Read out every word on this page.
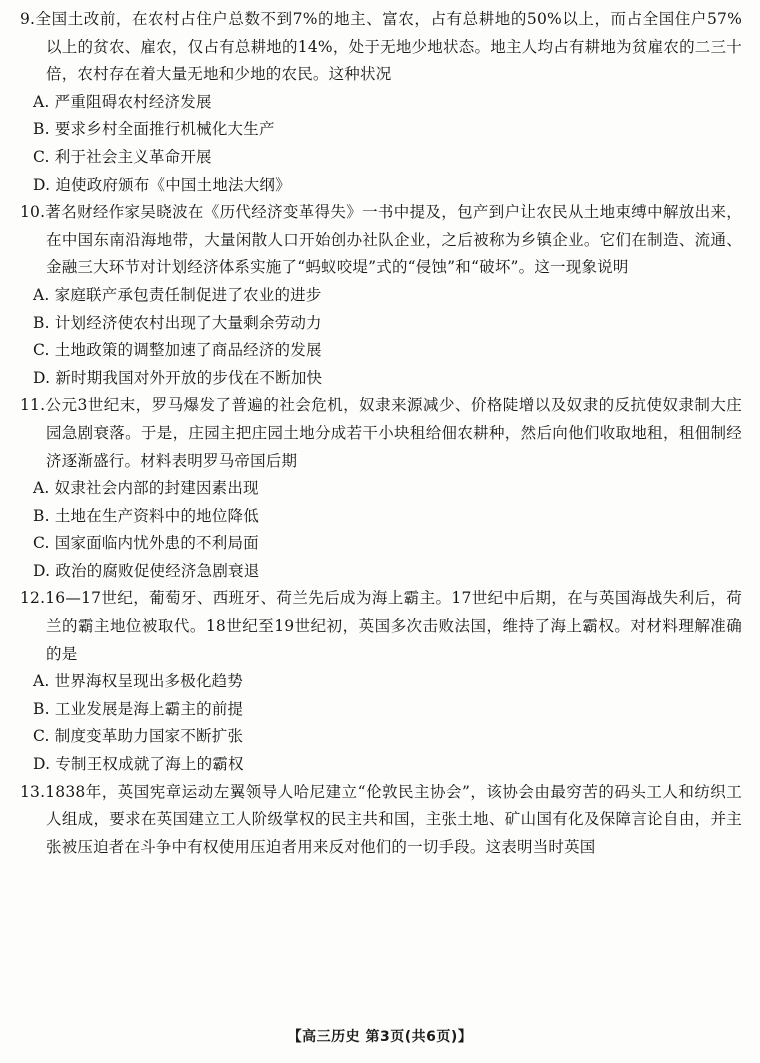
9.全国土改前，在农村占住户总数不到7%的地主、富农，占有总耕地的50%以上，而占全国住户57%以上的贫农、雇农，仅占有总耕地的14%，处于无地少地状态。地主人均占有耕地为贫雇农的二三十倍，农村存在着大量无地和少地的农民。这种状况

A. 严重阻碍农村经济发展
B. 要求乡村全面推行机械化大生产
C. 利于社会主义革命开展
D. 迫使政府颁布《中国土地法大纲》

10.著名财经作家吴晓波在《历代经济变革得失》一书中提及，包产到户让农民从土地束缚中解放出来，在中国东南沿海地带，大量闲散人口开始创办社队企业，之后被称为乡镇企业。它们在制造、流通、金融三大环节对计划经济体系实施了“蚂蚁咬堤”式的“侵蚀”和“破坏”。这一现象说明

A. 家庭联产承包责任制促进了农业的进步
B. 计划经济使农村出现了大量剩余劳动力
C. 土地政策的调整加速了商品经济的发展
D. 新时期我国对外开放的步伐在不断加快

11.公元3世纪末，罗马爆发了普遍的社会危机，奴隶来源减少、价格陡增以及奴隶的反抗使奴隶制大庄园急剧衰落。于是，庄园主把庄园土地分成若干小块租给佃农耕种，然后向他们收取地租，租佃制经济逐渐盛行。材料表明罗马帝国后期

A. 奴隶社会内部的封建因素出现
B. 土地在生产资料中的地位降低
C. 国家面临内忧外患的不利局面
D. 政治的腐败促使经济急剧衰退

12.16—17世纪，葡萄牙、西班牙、荷兰先后成为海上霸主。17世纪中后期，在与英国海战失利后，荷兰的霸主地位被取代。18世纪至19世纪初，英国多次击败法国，维持了海上霸权。对材料理解准确的是

A. 世界海权呈现出多极化趋势
B. 工业发展是海上霸主的前提
C. 制度变革助力国家不断扩张
D. 专制王权成就了海上的霸权

13.1838年，英国宪章运动左翼领导人哈尼建立“伦敦民主协会”，该协会由最穷苦的码头工人和纺织工人组成，要求在英国建立工人阶级掌权的民主共和国，主张土地、矿山国有化及保障言论自由，并主张被压迫者在斗争中有权使用压迫者用来反对他们的一切手段。这表明当时英国

【高三历史 第3页(共6页)】
